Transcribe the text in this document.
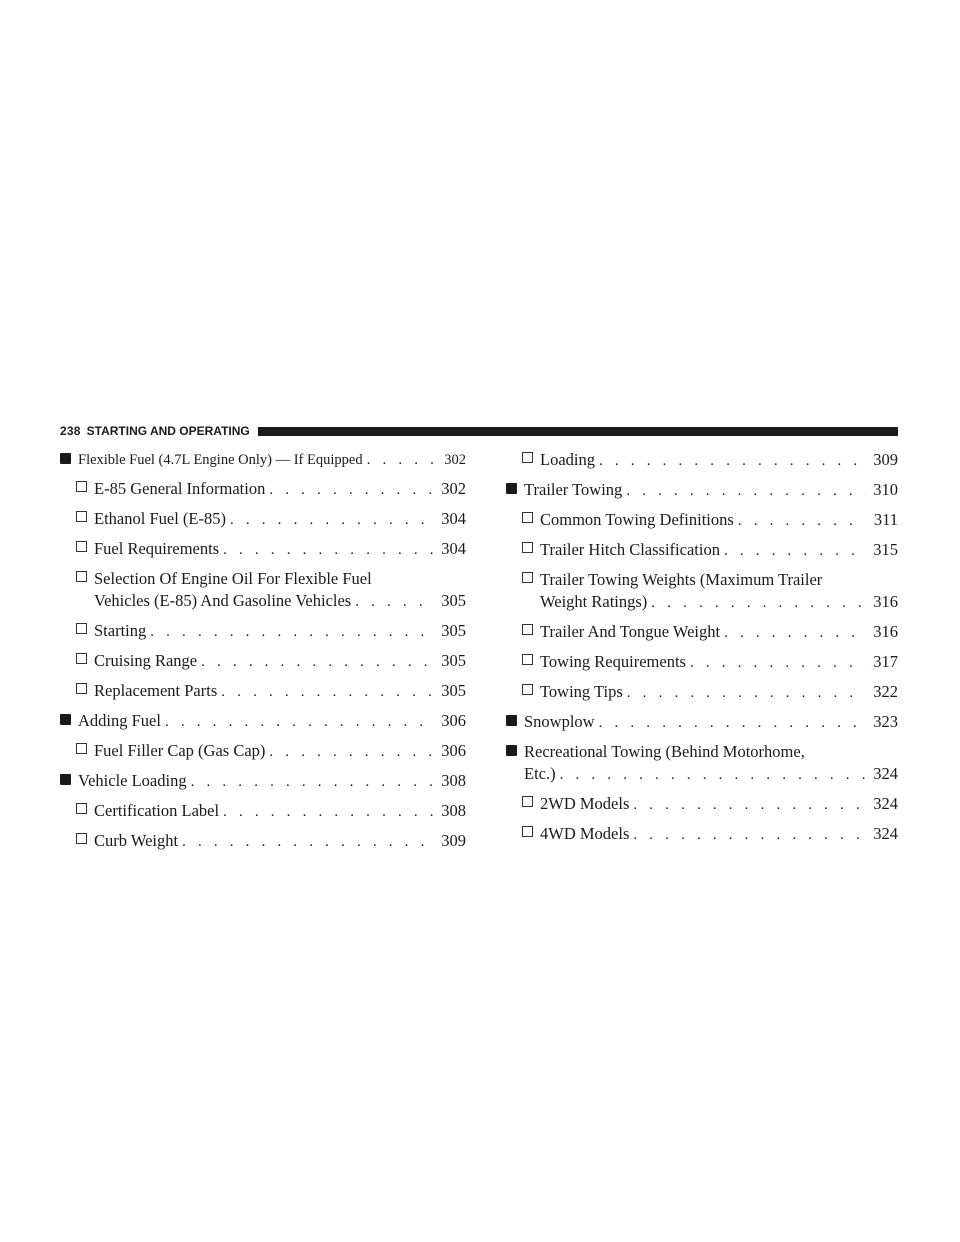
238 STARTING AND OPERATING
Flexible Fuel (4.7L Engine Only) — If Equipped . . .	302
E-85 General Information . . .	302
Ethanol Fuel (E-85) . . .	304
Fuel Requirements . . .	304
Selection Of Engine Oil For Flexible Fuel
Vehicles (E-85) And Gasoline Vehicles . . .	305
Starting . . .	305
Cruising Range . . .	305
Replacement Parts . . .	305
Adding Fuel . . .	306
Fuel Filler Cap (Gas Cap) . . .	306
Vehicle Loading . . .	308
Certification Label . . .	308
Curb Weight . . .	309
Loading . . .	309
Trailer Towing . . .	310
Common Towing Definitions . . .	311
Trailer Hitch Classification . . .	315
Trailer Towing Weights (Maximum Trailer
Weight Ratings) . . .	316
Trailer And Tongue Weight . . .	316
Towing Requirements . . .	317
Towing Tips . . .	322
Snowplow . . .	323
Recreational Towing (Behind Motorhome,
Etc.) . . .	324
2WD Models . . .	324
4WD Models . . .	324
